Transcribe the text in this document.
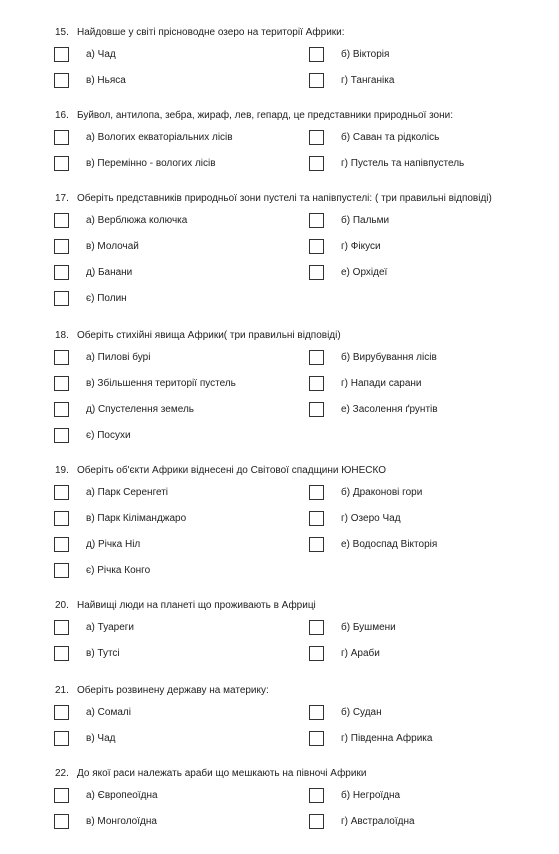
15. Найдовше у світі прісноводне озеро на території Африки:
а) Чад	б) Вікторія
в) Ньяса	г) Танганіка
16. Буйвол, антилопа, зебра, жираф, лев, гепард, це представники природньої зони:
а) Вологих екваторіальних лісів	б) Саван та рідколісь
в) Перемінно - вологих лісів	г) Пустель та напівпустель
17. Оберіть представників природньої зони пустелі та напівпустелі: ( три правильні відповіді)
а) Верблюжа колючка	б) Пальми
в) Молочай	г) Фікуси
д) Банани	е) Орхідеї
є) Полин
18. Оберіть стихійні явища Африки( три правильні відповіді)
а) Пилові бурі	б) Вирубування лісів
в) Збільшення території пустель	г) Напади сарани
д) Спустелення земель	е) Засолення ґрунтів
є) Посухи
19. Оберіть об'єкти Африки віднесені до Світової спадщини ЮНЕСКО
а) Парк Серенгеті	б) Драконові гори
в) Парк Кіліманджаро	г) Озеро Чад
д) Річка Ніл	е) Водоспад Вікторія
є) Річка Конго
20. Найвищі люди на планеті що проживають в Африці
а) Туареги	б) Бушмени
в) Тутсі	г) Араби
21. Оберіть розвинену державу на материку:
а) Сомалі	б) Судан
в) Чад	г) Південна Африка
22. До якої раси належать араби що мешкають на півночі Африки
а) Європеоїдна	б) Негроїдна
в) Монголоїдна	г) Австралоїдна
